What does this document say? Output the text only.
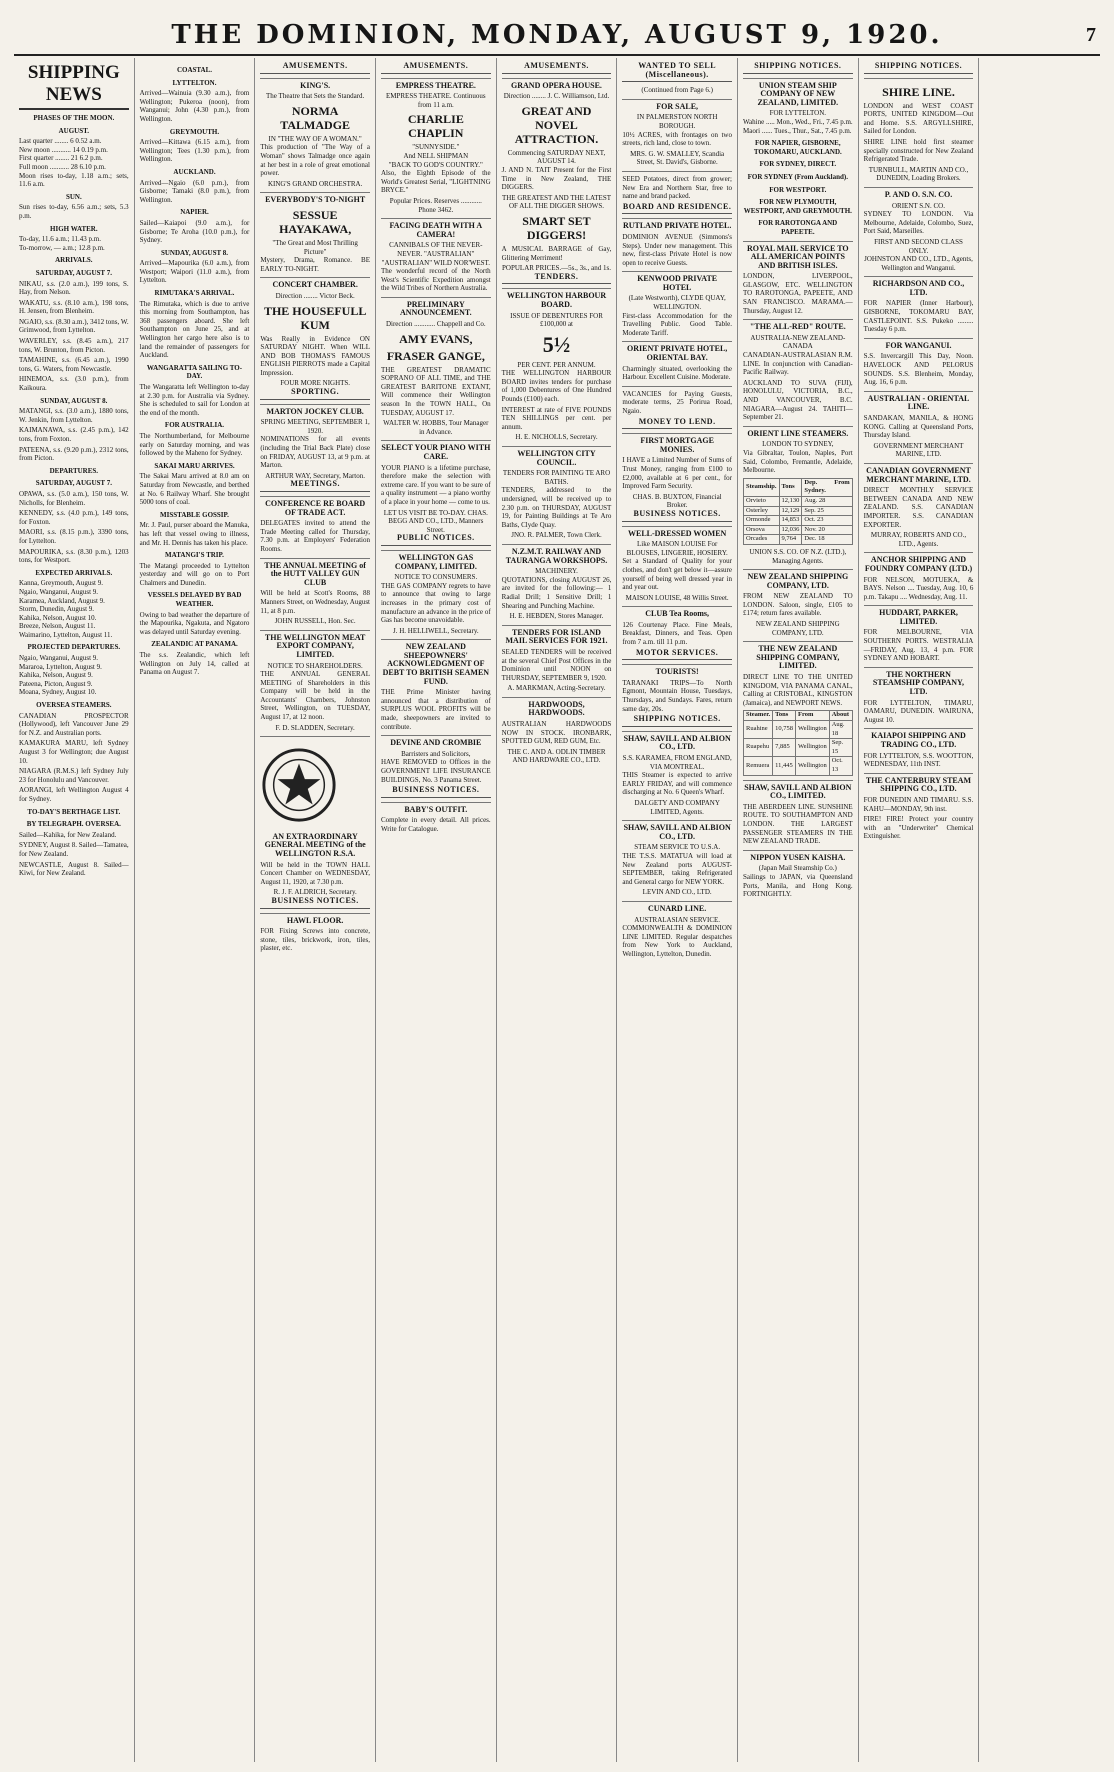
THE DOMINION, MONDAY, AUGUST 9, 1920.	7
SHIPPING NEWS
PHASES OF THE MOON.
AUGUST.
Last quarter ........ 6 0.52 a.m.
New moon ........... 14 0.19 p.m.
First quarter ........ 21 6.2 p.m.
Full moon ........... 28 6.10 p.m.
Moon rises to-day, 1.18 a.m.; sets, 11.6 a.m.
SUN.
Sun rises to-day, 6.56 a.m.; sets, 5.3 p.m.
HIGH WATER.
To-day, 11.6 a.m.; 11.43 p.m.
To-morrow, — a.m.; 12.8 p.m.
ARRIVALS.
SATURDAY, AUGUST 7.
NIKAU, s.s. (2.0 a.m.), 199 tons, S. Hay, from Nelson.
WAKATU, s.s. (8.10 a.m.), 198 tons, H. Jensen, from Blenheim.
NGAIO, s.s. (8.30 a.m.), 3412 tons, W. Grimwood, from Lyttelton.
WAVERLEY, s.s. (8.45 a.m.), 217 tons, W. Brunton, from Picton.
TAMAHINE, s.s. (6.45 a.m.), 1990 tons, G. Waters, from Newcastle.
HINEMOA, s.s. (3.0 p.m.), from Kaikoura.
SUNDAY, AUGUST 8.
MATANGI, s.s. (3.0 a.m.), 1880 tons, W. Jenkin, from Lyttelton.
KAIMANAWA, s.s. (2.45 p.m.), 142 tons, from Foxton.
PATEENA, s.s. (9.20 p.m.), 2312 tons, from Picton.
DEPARTURES.
SATURDAY, AUGUST 7.
OPAWA, s.s. (5.0 a.m.), 150 tons, W. Nicholls, for Blenheim.
KENNEDY, s.s. (4.0 p.m.), 149 tons, for Foxton.
MAORI, s.s. (8.15 p.m.), 3390 tons, for Lyttelton.
MAPOURIKA, s.s. (8.30 p.m.), 1203 tons, for Westport.
EXPECTED ARRIVALS.
Kanna, Greymouth, August 9.
Ngaio, Wanganui, August 9.
Karamea, Auckland, August 9.
Storm, Dunedin, August 9.
Kahika, Nelson, August 10.
Breeze, Nelson, August 11.
Waimarino, Lyttelton, August 11.
PROJECTED DEPARTURES.
Ngaio, Wanganui, August 9.
Mararoa, Lyttelton, August 9.
Kahika, Nelson, August 9.
Pateena, Picton, August 9.
Moana, Sydney, August 10.
OVERSEA STEAMERS.
CANADIAN PROSPECTOR (Hollywood), left Vancouver June 29 for N.Z. and Australian ports.
KAMAKURA MARU, left Sydney August 3 for Wellington; due August 10.
NIAGARA (R.M.S.) left Sydney July 23 for Honolulu and Vancouver.
AORANGI, left Wellington August 4 for Sydney.
TO-DAY'S BERTHAGE LIST.
BY TELEGRAPH. OVERSEA.
Sailed—Kahika, for New Zealand.
SYDNEY, August 8. Sailed—Tamatea, for New Zealand.
NEWCASTLE, August 8. Sailed—Kiwi, for New Zealand.
COASTAL.
LYTTELTON.
Arrived—Wainuia (9.30 a.m.), from Wellington; Pukeroa (noon), from Wanganui; John (4.30 p.m.), from Wellington.
GREYMOUTH.
Arrived—Kittawa (6.15 a.m.), from Wellington; Tees (1.30 p.m.), from Wellington.
AUCKLAND.
Arrived—Ngaio (6.0 p.m.), from Gisborne; Tamaki (8.0 p.m.), from Wellington.
NAPIER.
Sailed—Kaiapoi (9.0 a.m.), for Gisborne; Te Aroha (10.0 p.m.), for Sydney.
SUNDAY, AUGUST 8.
Arrived—Mapourika (6.0 a.m.), from Westport; Waipori (11.0 a.m.), from Lyttelton.
RIMUTAKA'S ARRIVAL.
The Rimutaka, which is due to arrive this morning from Southampton, has 368 passengers aboard. She left Southampton on June 25, and at Wellington her cargo here also is to land the remainder of passengers for Auckland.
WANGARATTA SAILING TO-DAY.
The Wangaratta left Wellington to-day at 2.30 p.m. for Australia via Sydney. She is scheduled to sail for London at the end of the month.
FOR AUSTRALIA.
The Northumberland, for Melbourne early on Saturday morning, and was followed by the Maheno for Sydney.
SAKAI MARU ARRIVES.
The Sakai Maru arrived at 8.0 am on Saturday from Newcastle, and berthed at No. 6 Railway Wharf. She brought 5000 tons of coal.
MISSTABLE GOSSIP.
Mr. J. Paul, purser aboard the Manuka, has left that vessel owing to illness, and Mr. H. Dennis has taken his place.
MATANGI'S TRIP.
The Matangi proceeded to Lyttelton yesterday and will go on to Port Chalmers and Dunedin.
VESSELS DELAYED BY BAD WEATHER.
Owing to bad weather the departure of the Mapourika, Ngakuta, and Ngatoro was delayed until Saturday evening.
ZEALANDIC AT PANAMA.
The s.s. Zealandic, which left Wellington on July 14, called at Panama on August 7.
AMUSEMENTS.
KING'S.
The Theatre that Sets the Standard.
NORMA TALMADGE
IN "THE WAY OF A WOMAN."
This production of "The Way of a Woman" shows Talmadge once again at her best in a role of great emotional power.
KING'S GRAND ORCHESTRA.
EVERYBODY'S TO-NIGHT
SESSUE HAYAKAWA,
"The Great and Most Thrilling Picture"
Mystery, Drama, Romance. BE EARLY TO-NIGHT.
CONCERT CHAMBER.
Direction ........ Victor Beck.
THE HOUSEFULL KUM
Was Really in Evidence ON SATURDAY NIGHT. When WILL AND BOB THOMAS'S FAMOUS ENGLISH PIERROTS made a Capital Impression.
FOUR MORE NIGHTS.
SPORTING.
MARTON JOCKEY CLUB.
SPRING MEETING, SEPTEMBER 1, 1920.
NOMINATIONS for all events (including the Trial Back Plate) close on FRIDAY, AUGUST 13, at 9 p.m. at Marton.
ARTHUR WAY, Secretary, Marton.
MEETINGS.
CONFERENCE RE BOARD OF TRADE ACT.
DELEGATES invited to attend the Trade Meeting called for Thursday, 7.30 p.m. at Employers' Federation Rooms.
THE ANNUAL MEETING of the HUTT VALLEY GUN CLUB
Will be held at Scott's Rooms, 88 Manners Street, on Wednesday, August 11, at 8 p.m.
JOHN RUSSELL, Hon. Sec.
THE WELLINGTON MEAT EXPORT COMPANY, LIMITED.
NOTICE TO SHAREHOLDERS.
THE ANNUAL GENERAL MEETING of Shareholders in this Company will be held in the Accountants' Chambers, Johnston Street, Wellington, on TUESDAY, August 17, at 12 noon.
F. D. SLADDEN, Secretary.
AN EXTRAORDINARY GENERAL MEETING of the WELLINGTON R.S.A.
Will be held in the TOWN HALL Concert Chamber on WEDNESDAY, August 11, 1920, at 7.30 p.m.
R. J. F. ALDRICH, Secretary.
BUSINESS NOTICES.
HAWL FLOOR.
FOR Fixing Screws into concrete, stone, tiles, brickwork, iron, tiles, plaster, etc.
AMUSEMENTS.
EMPRESS THEATRE.
EMPRESS THEATRE. Continuous from 11 a.m.
CHARLIE CHAPLIN
"SUNNYSIDE."
And NELL SHIPMAN
"BACK TO GOD'S COUNTRY."
Also, the Eighth Episode of the World's Greatest Serial, "LIGHTNING BRYCE."
Popular Prices. Reserves ............ Phone 3462.
FACING DEATH WITH A CAMERA!
CANNIBALS OF THE NEVER-NEVER. "AUSTRALIAN" "AUSTRALIAN" WILD NOR'WEST.
The wonderful record of the North West's Scientific Expedition amongst the Wild Tribes of Northern Australia.
PRELIMINARY ANNOUNCEMENT.
Direction ............ Chappell and Co.
AMY EVANS,
FRASER GANGE,
THE GREATEST DRAMATIC SOPRANO OF ALL TIME, and THE GREATEST BARITONE EXTANT, Will commence their Wellington season In the TOWN HALL, On TUESDAY, AUGUST 17.
WALTER W. HOBBS, Tour Manager in Advance.
SELECT YOUR PIANO WITH CARE.
YOUR PIANO is a lifetime purchase, therefore make the selection with extreme care. If you want to be sure of a quality instrument — a piano worthy of a place in your home — come to us.
LET US VISIT BE TO-DAY. CHAS. BEGG AND CO., LTD., Manners Street.
PUBLIC NOTICES.
WELLINGTON GAS COMPANY, LIMITED.
NOTICE TO CONSUMERS.
THE GAS COMPANY regrets to have to announce that owing to large increases in the primary cost of manufacture an advance in the price of Gas has become unavoidable.
J. H. HELLIWELL, Secretary.
NEW ZEALAND SHEEPOWNERS' ACKNOWLEDGMENT OF DEBT TO BRITISH SEAMEN FUND.
THE Prime Minister having announced that a distribution of SURPLUS WOOL PROFITS will be made, sheepowners are invited to contribute.
DEVINE AND CROMBIE
Barristers and Solicitors,
HAVE REMOVED to Offices in the GOVERNMENT LIFE INSURANCE BUILDINGS, No. 3 Panama Street.
BUSINESS NOTICES.
BABY'S OUTFIT.
Complete in every detail. All prices. Write for Catalogue.
AMUSEMENTS.
GRAND OPERA HOUSE.
Direction ........ J. C. Williamson, Ltd.
GREAT AND NOVEL ATTRACTION.
Commencing SATURDAY NEXT, AUGUST 14.
J. AND N. TAIT Present for the First Time in New Zealand, THE DIGGERS.
THE GREATEST AND THE LATEST OF ALL THE DIGGER SHOWS.
SMART SET DIGGERS!
A MUSICAL BARRAGE of Gay, Glittering Merriment!
POPULAR PRICES.—5s., 3s., and 1s.
TENDERS.
WELLINGTON HARBOUR BOARD.
ISSUE OF DEBENTURES FOR £100,000 at
5½
PER CENT. PER ANNUM.
THE WELLINGTON HARBOUR BOARD invites tenders for purchase of 1,000 Debentures of One Hundred Pounds (£100) each.
INTEREST at rate of FIVE POUNDS TEN SHILLINGS per cent. per annum.
H. E. NICHOLLS, Secretary.
WELLINGTON CITY COUNCIL.
TENDERS FOR PAINTING TE ARO BATHS.
TENDERS, addressed to the undersigned, will be received up to 2.30 p.m. on THURSDAY, AUGUST 19, for Painting Buildings at Te Aro Baths, Clyde Quay.
JNO. R. PALMER, Town Clerk.
N.Z.M.T. RAILWAY AND TAURANGA WORKSHOPS.
MACHINERY.
QUOTATIONS, closing AUGUST 26, are invited for the following:— 1 Radial Drill; 1 Sensitive Drill; 1 Shearing and Punching Machine.
H. E. HEBDEN, Stores Manager.
TENDERS FOR ISLAND MAIL SERVICES FOR 1921.
SEALED TENDERS will be received at the several Chief Post Offices in the Dominion until NOON on THURSDAY, SEPTEMBER 9, 1920.
A. MARKMAN, Acting-Secretary.
HARDWOODS, HARDWOODS.
AUSTRALIAN HARDWOODS NOW IN STOCK. IRONBARK, SPOTTED GUM, RED GUM, Etc.
THE C. AND A. ODLIN TIMBER AND HARDWARE CO., LTD.
WANTED TO SELL (Miscellaneous).
(Continued from Page 6.)
FOR SALE,
IN PALMERSTON NORTH BOROUGH.
10½ ACRES, with frontages on two streets, rich land, close to town.
MRS. G. W. SMALLEY, Scandia Street, St. David's, Gisborne.
SEED Potatoes, direct from grower; New Era and Northern Star, free to name and brand packed.
BOARD AND RESIDENCE.
RUTLAND PRIVATE HOTEL.
DOMINION AVENUE (Simmons's Steps). Under new management. This new, first-class Private Hotel is now open to receive Guests.
KENWOOD PRIVATE HOTEL
(Late Westworth), CLYDE QUAY, WELLINGTON.
First-class Accommodation for the Travelling Public. Good Table. Moderate Tariff.
ORIENT PRIVATE HOTEL, ORIENTAL BAY.
Charmingly situated, overlooking the Harbour. Excellent Cuisine. Moderate.
VACANCIES for Paying Guests, moderate terms, 25 Porirua Road, Ngaio.
MONEY TO LEND.
FIRST MORTGAGE MONIES.
I HAVE a Limited Number of Sums of Trust Money, ranging from £100 to £2,000, available at 6 per cent., for Improved Farm Security.
CHAS. B. BUXTON, Financial Broker.
BUSINESS NOTICES.
WELL-DRESSED WOMEN
Like MAISON LOUISE For BLOUSES, LINGERIE, HOSIERY.
Set a Standard of Quality for your clothes, and don't get below it—assure yourself of being well dressed year in and year out.
MAISON LOUISE, 48 Willis Street.
CLUB Tea Rooms,
126 Courtenay Place. Fine Meals, Breakfast, Dinners, and Teas. Open from 7 a.m. till 11 p.m.
MOTOR SERVICES.
TOURISTS!
TARANAKI TRIPS—To North Egmont, Mountain House, Tuesdays, Thursdays, and Sundays. Fares, return same day, 20s.
SHIPPING NOTICES.
SHAW, SAVILL AND ALBION CO., LTD.
S.S. KARAMEA, FROM ENGLAND, VIA MONTREAL.
THIS Steamer is expected to arrive EARLY FRIDAY, and will commence discharging at No. 6 Queen's Wharf.
DALGETY AND COMPANY LIMITED, Agents.
SHAW, SAVILL AND ALBION CO., LTD.
STEAM SERVICE TO U.S.A.
THE T.S.S. MATATUA will load at New Zealand ports AUGUST-SEPTEMBER, taking Refrigerated and General cargo for NEW YORK.
LEVIN AND CO., LTD.
CUNARD LINE.
AUSTRALASIAN SERVICE.
COMMONWEALTH & DOMINION LINE LIMITED. Regular despatches from New York to Auckland, Wellington, Lyttelton, Dunedin.
SHIPPING NOTICES.
UNION STEAM SHIP COMPANY OF NEW ZEALAND, LIMITED.
FOR LYTTELTON.
Wahine ..... Mon., Wed., Fri., 7.45 p.m. Maori ...... Tues., Thur., Sat., 7.45 p.m.
FOR NAPIER, GISBORNE, TOKOMARU, AUCKLAND.
FOR SYDNEY, DIRECT.
FOR SYDNEY (From Auckland).
FOR WESTPORT.
FOR NEW PLYMOUTH, WESTPORT, AND GREYMOUTH.
FOR RAROTONGA AND PAPEETE.
ROYAL MAIL SERVICE TO ALL AMERICAN POINTS AND BRITISH ISLES.
LONDON, LIVERPOOL, GLASGOW, ETC. WELLINGTON TO RAROTONGA, PAPEETE, AND SAN FRANCISCO. MARAMA.—Thursday, August 12.
"THE ALL-RED" ROUTE.
AUSTRALIA-NEW ZEALAND-CANADA
CANADIAN-AUSTRALASIAN R.M. LINE. In conjunction with Canadian-Pacific Railway.
AUCKLAND TO SUVA (FIJI), HONOLULU, VICTORIA, B.C., AND VANCOUVER, B.C. NIAGARA—August 24. TAHITI—September 21.
ORIENT LINE STEAMERS.
LONDON TO SYDNEY,
Via Gibraltar, Toulon, Naples, Port Said, Colombo, Fremantle, Adelaide, Melbourne.
Steamship.	Tons	Dep. From Sydney.
Orvieto	12,130	Aug. 28
Osterley	12,129	Sep. 25
Ormonde	14,853	Oct. 23
Orsova	12,036	Nov. 20
Orcades	9,764	Dec. 18
UNION S.S. CO. OF N.Z. (LTD.), Managing Agents.
NEW ZEALAND SHIPPING COMPANY, LTD.
FROM NEW ZEALAND TO LONDON. Saloon, single, £105 to £174; return fares available.
NEW ZEALAND SHIPPING COMPANY, LTD.
THE NEW ZEALAND SHIPPING COMPANY, LIMITED.
DIRECT LINE TO THE UNITED KINGDOM, VIA PANAMA CANAL, Calling at CRISTOBAL, KINGSTON (Jamaica), and NEWPORT NEWS.
Steamer.	Tons	From	About
Ruahine	10,758	Wellington	Aug. 18
Ruapehu	7,885	Wellington	Sep. 15
Remuera	11,445	Wellington	Oct. 13
SHAW, SAVILL AND ALBION CO., LIMITED.
THE ABERDEEN LINE. SUNSHINE ROUTE. TO SOUTHAMPTON AND LONDON. THE LARGEST PASSENGER STEAMERS IN THE NEW ZEALAND TRADE.
NIPPON YUSEN KAISHA.
(Japan Mail Steamship Co.)
Sailings to JAPAN, via Queensland Ports, Manila, and Hong Kong. FORTNIGHTLY.
SHIPPING NOTICES.
SHIRE LINE.
LONDON and WEST COAST PORTS, UNITED KINGDOM—Out and Home. S.S. ARGYLLSHIRE, Sailed for London.
SHIRE LINE hold first steamer specially constructed for New Zealand Refrigerated Trade.
TURNBULL, MARTIN AND CO., DUNEDIN, Loading Brokers.
P. AND O. S.N. CO.
ORIENT S.N. CO.
SYDNEY TO LONDON. Via Melbourne, Adelaide, Colombo, Suez, Port Said, Marseilles.
FIRST AND SECOND CLASS ONLY.
JOHNSTON AND CO., LTD., Agents, Wellington and Wanganui.
RICHARDSON AND CO., LTD.
FOR NAPIER (Inner Harbour), GISBORNE, TOKOMARU BAY, CASTLEPOINT. S.S. Pukeko ......... Tuesday 6 p.m.
FOR WANGANUI.
S.S. Invercargill This Day, Noon. HAVELOCK AND PELORUS SOUNDS. S.S. Blenheim, Monday, Aug. 16, 6 p.m.
AUSTRALIAN - ORIENTAL LINE.
SANDAKAN, MANILA, & HONG KONG. Calling at Queensland Ports, Thursday Island.
GOVERNMENT MERCHANT MARINE, LTD.
CANADIAN GOVERNMENT MERCHANT MARINE, LTD.
DIRECT MONTHLY SERVICE BETWEEN CANADA AND NEW ZEALAND. S.S. CANADIAN IMPORTER. S.S. CANADIAN EXPORTER.
MURRAY, ROBERTS AND CO., LTD., Agents.
ANCHOR SHIPPING AND FOUNDRY COMPANY (LTD.)
FOR NELSON, MOTUEKA, & BAYS. Nelson .... Tuesday, Aug. 10, 6 p.m. Takapu .... Wednesday, Aug. 11.
HUDDART, PARKER, LIMITED.
FOR MELBOURNE, VIA SOUTHERN PORTS. WESTRALIA—FRIDAY, Aug. 13, 4 p.m. FOR SYDNEY AND HOBART.
THE NORTHERN STEAMSHIP COMPANY, LTD.
FOR LYTTELTON, TIMARU, OAMARU, DUNEDIN. WAIRUNA, August 10.
KAIAPOI SHIPPING AND TRADING CO., LTD.
FOR LYTTELTON, S.S. WOOTTON, WEDNESDAY, 11th INST.
THE CANTERBURY STEAM SHIPPING CO., LTD.
FOR DUNEDIN AND TIMARU. S.S. KAHU—MONDAY, 9th inst.
FIRE! FIRE! Protect your country with an "Underwriter" Chemical Extinguisher.
